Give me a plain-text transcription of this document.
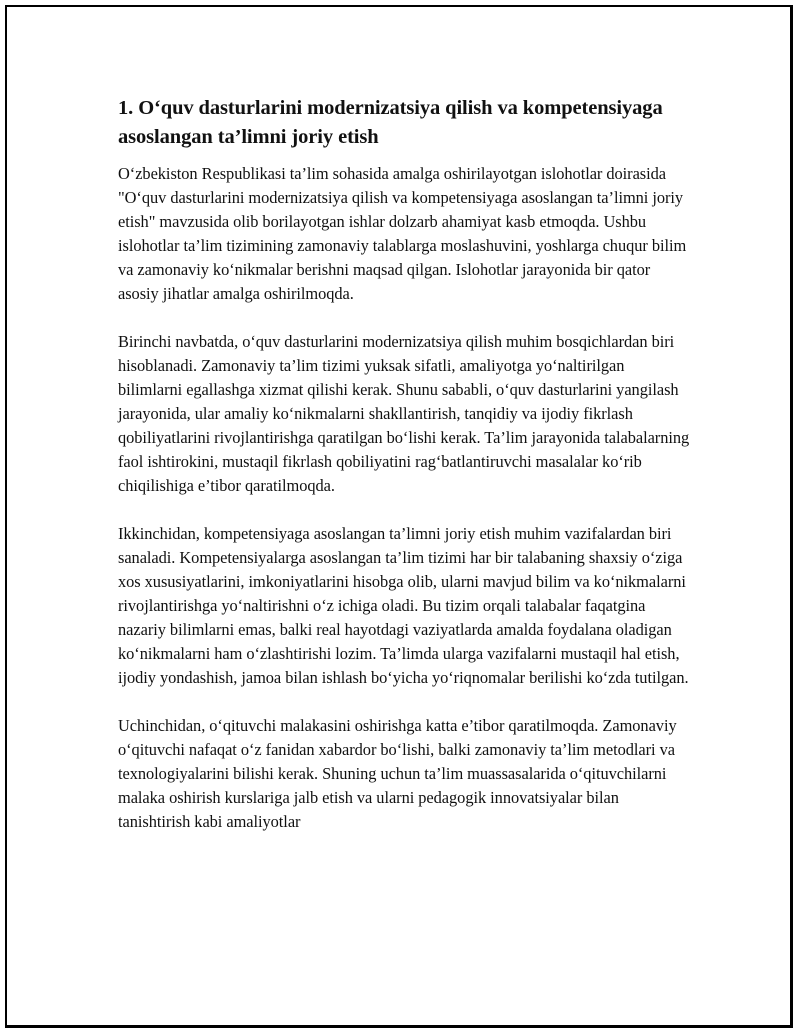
1. O‘quv dasturlarini modernizatsiya qilish va kompetensiyaga asoslangan ta’limni joriy etish

O‘zbekiston Respublikasi ta’lim sohasida amalga oshirilayotgan islohotlar doirasida "O‘quv dasturlarini modernizatsiya qilish va kompetensiyaga asoslangan ta’limni joriy etish" mavzusida olib borilayotgan ishlar dolzarb ahamiyat kasb etmoqda. Ushbu islohotlar ta’lim tizimining zamonaviy talablarga moslashuvini, yoshlarga chuqur bilim va zamonaviy ko‘nikmalar berishni maqsad qilgan. Islohotlar jarayonida bir qator asosiy jihatlar amalga oshirilmoqda.

Birinchi navbatda, o‘quv dasturlarini modernizatsiya qilish muhim bosqichlardan biri hisoblanadi. Zamonaviy ta’lim tizimi yuksak sifatli, amaliyotga yo‘naltirilgan bilimlarni egallashga xizmat qilishi kerak. Shunu sababli, o‘quv dasturlarini yangilash jarayonida, ular amaliy ko‘nikmalarni shakllantirish, tanqidiy va ijodiy fikrlash qobiliyatlarini rivojlantirishga qaratilgan bo‘lishi kerak. Ta’lim jarayonida talabalarning faol ishtirokini, mustaqil fikrlash qobiliyatini rag‘batlantiruvchi masalalar ko‘rib chiqilishiga e’tibor qaratilmoqda.

Ikkinchidan, kompetensiyaga asoslangan ta’limni joriy etish muhim vazifalardan biri sanaladi. Kompetensiyalarga asoslangan ta’lim tizimi har bir talabaning shaxsiy o‘ziga xos xususiyatlarini, imkoniyatlarini hisobga olib, ularni mavjud bilim va ko‘nikmalarni rivojlantirishga yo‘naltirishni o‘z ichiga oladi. Bu tizim orqali talabalar faqatgina nazariy bilimlarni emas, balki real hayotdagi vaziyatlarda amalda foydalana oladigan ko‘nikmalarni ham o‘zlashtirishi lozim. Ta’limda ularga vazifalarni mustaqil hal etish, ijodiy yondashish, jamoa bilan ishlash bo‘yicha yo‘riqnomalar berilishi ko‘zda tutilgan.

Uchinchidan, o‘qituvchi malakasini oshirishga katta e’tibor qaratilmoqda. Zamonaviy o‘qituvchi nafaqat o‘z fanidan xabardor bo‘lishi, balki zamonaviy ta’lim metodlari va texnologiyalarini bilishi kerak. Shuning uchun ta’lim muassasalarida o‘qituvchilarni malaka oshirish kurslariga jalb etish va ularni pedagogik innovatsiyalar bilan tanishtirish kabi amaliyotlar
